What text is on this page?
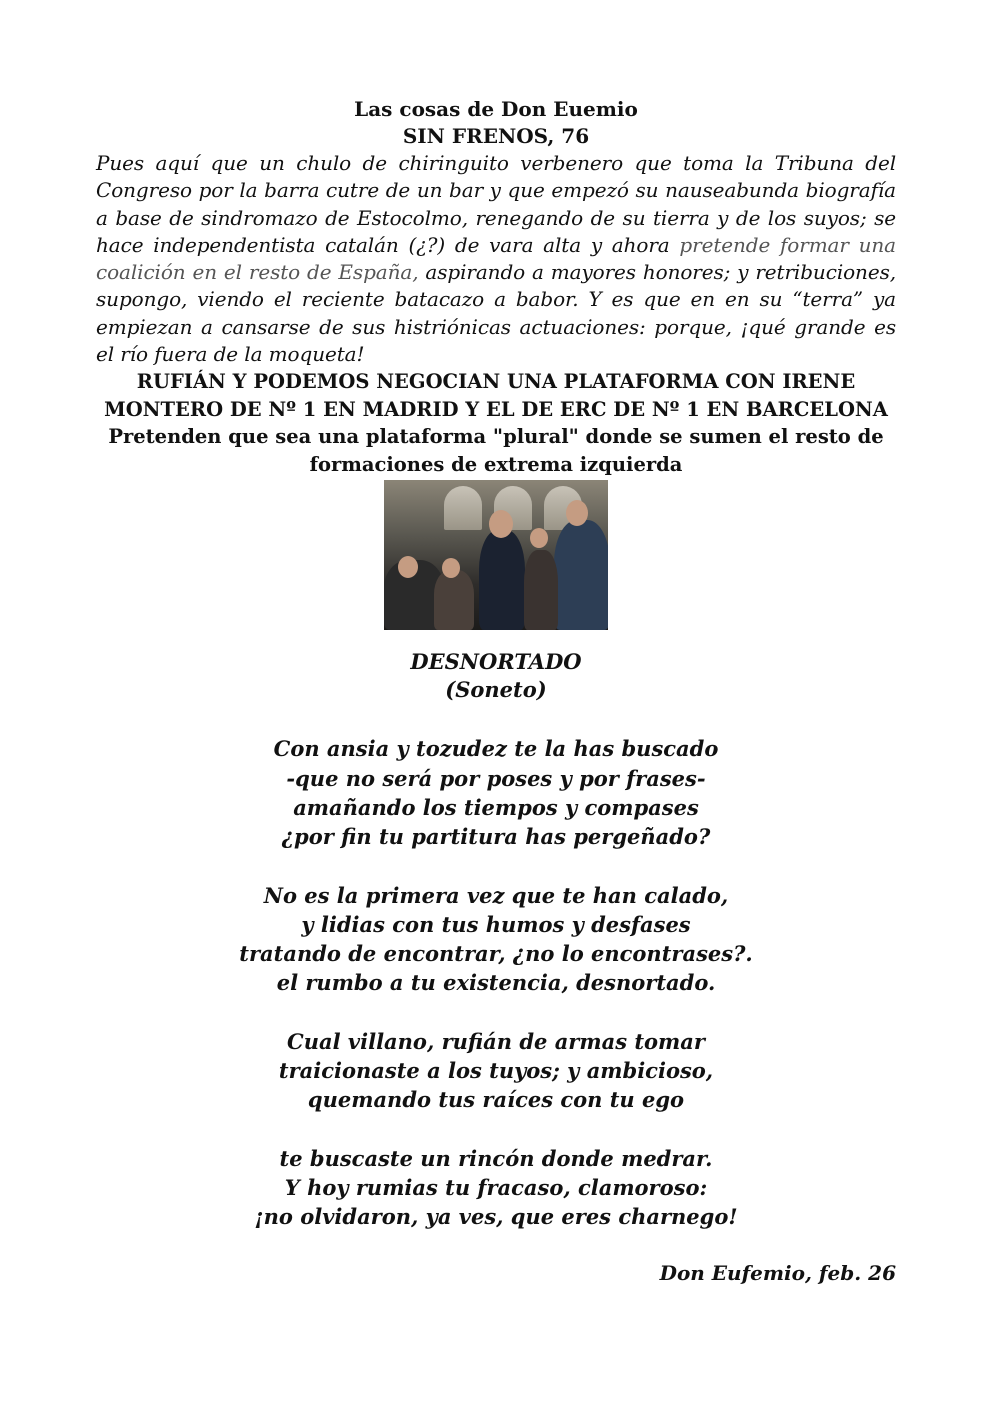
Las cosas de Don Euemio
SIN FRENOS, 76

Pues aquí que un chulo de chiringuito verbenero que toma la Tribuna del Congreso por la barra cutre de un bar y que empezó su nauseabunda biografía a base de sindromazo de Estocolmo, renegando de su tierra y de los suyos; se hace independentista catalán (¿?) de vara alta y ahora pretende formar una coalición en el resto de España, aspirando a mayores honores; y retribuciones, supongo, viendo el reciente batacazo a babor. Y es que en en su “terra” ya empiezan a cansarse de sus histriónicas actuaciones: porque, ¡qué grande es el río fuera de la moqueta!

RUFIÁN Y PODEMOS NEGOCIAN UNA PLATAFORMA CON IRENE MONTERO DE Nº 1 EN MADRID Y EL DE ERC DE Nº 1 EN BARCELONA

Pretenden que sea una plataforma "plural" donde se sumen el resto de formaciones de extrema izquierda

DESNORTADO
(Soneto)
Con ansia y tozudez te la has buscado
-que no será por poses y por frases-
amañando los tiempos y compases
¿por fin tu partitura has pergeñado?
No es la primera vez que te han calado,
y lidias con tus humos y desfases
tratando de encontrar, ¿no lo encontrases?.
el rumbo a tu existencia, desnortado.
Cual villano, rufián de armas tomar
traicionaste a los tuyos; y ambicioso,
quemando tus raíces con tu ego
te buscaste un rincón donde medrar.
Y hoy rumias tu fracaso, clamoroso:
¡no olvidaron, ya ves, que eres charnego!
Don Eufemio, feb. 26
